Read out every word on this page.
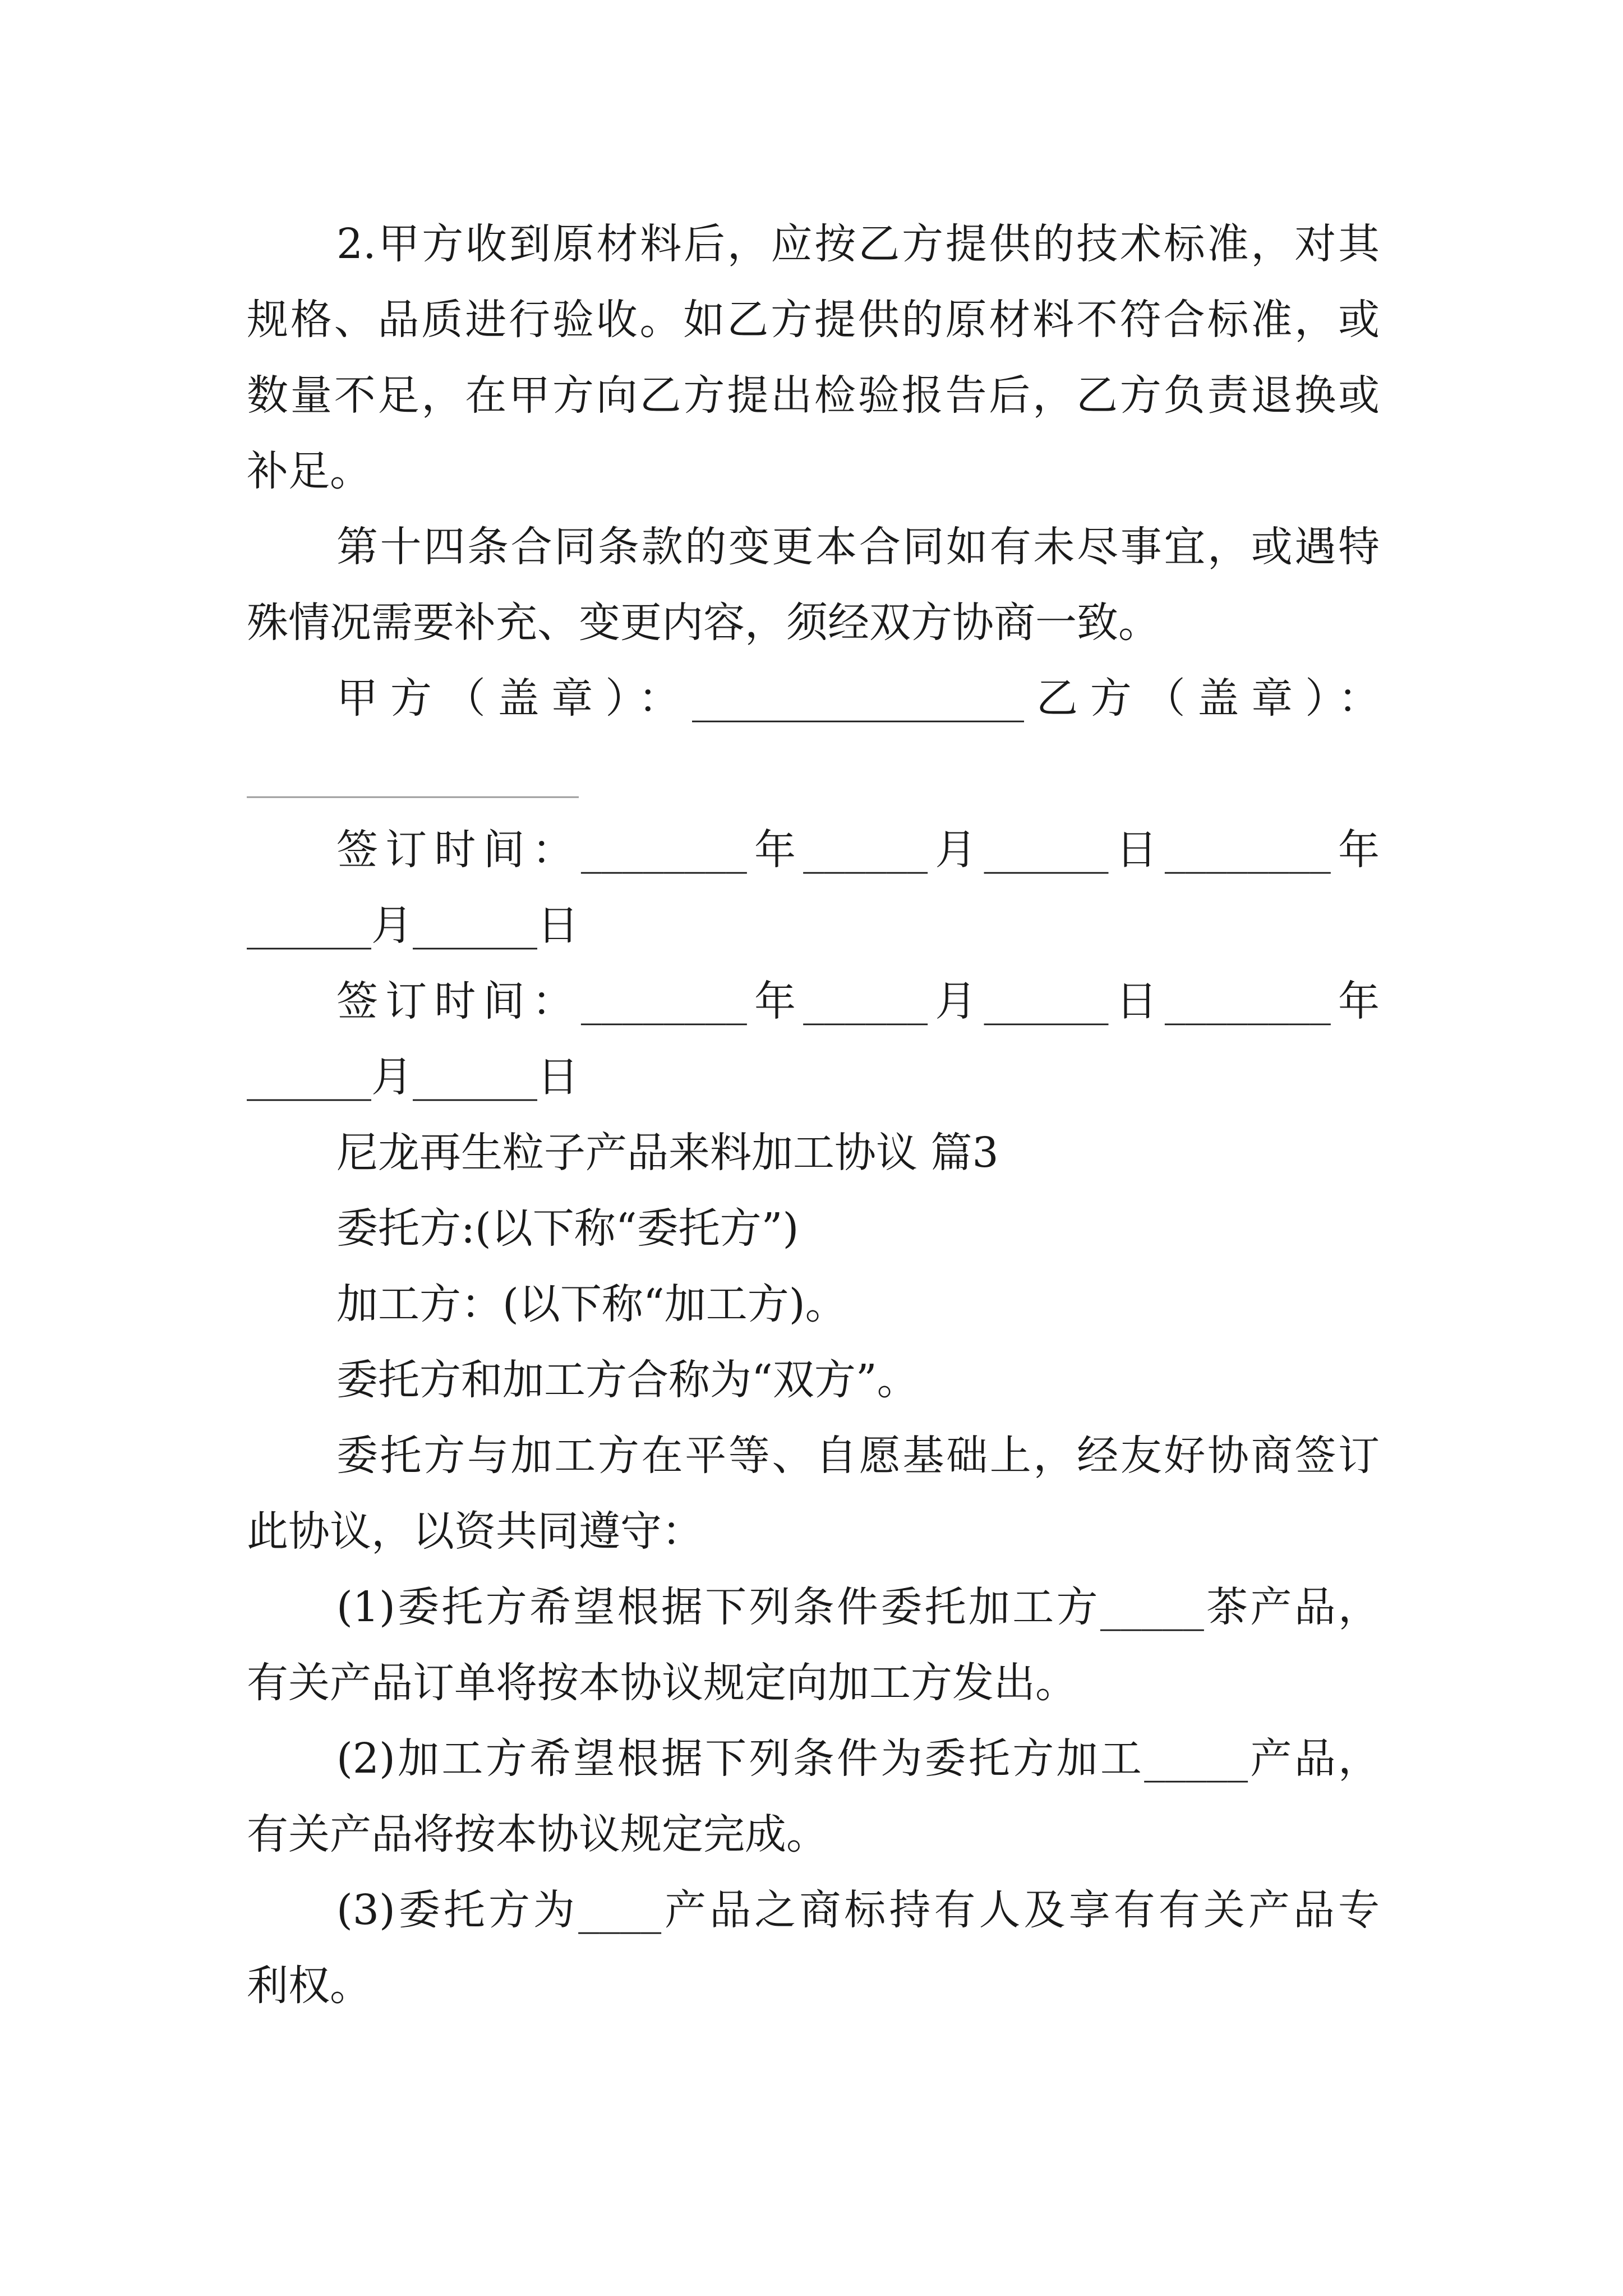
2.甲方收到原材料后，应按乙方提供的技术标准，对其
规格、品质进行验收。如乙方提供的原材料不符合标准，或
数量不足，在甲方向乙方提出检验报告后，乙方负责退换或
补足。
第十四条合同条款的变更本合同如有未尽事宜，或遇特
殊情况需要补充、变更内容，须经双方协商一致。
甲方（盖章）：________________乙方（盖章）：
________________
签订时间：________年______月______日________年
______月______日
签订时间：________年______月______日________年
______月______日
尼龙再生粒子产品来料加工协议 篇3
委托方:(以下称“委托方”)
加工方：(以下称“加工方)。
委托方和加工方合称为“双方”。
委托方与加工方在平等、自愿基础上，经友好协商签订
此协议，以资共同遵守：
(1)委托方希望根据下列条件委托加工方_____茶产品，
有关产品订单将按本协议规定向加工方发出。
(2)加工方希望根据下列条件为委托方加工_____产品，
有关产品将按本协议规定完成。
(3)委托方为____产品之商标持有人及享有有关产品专
利权。
